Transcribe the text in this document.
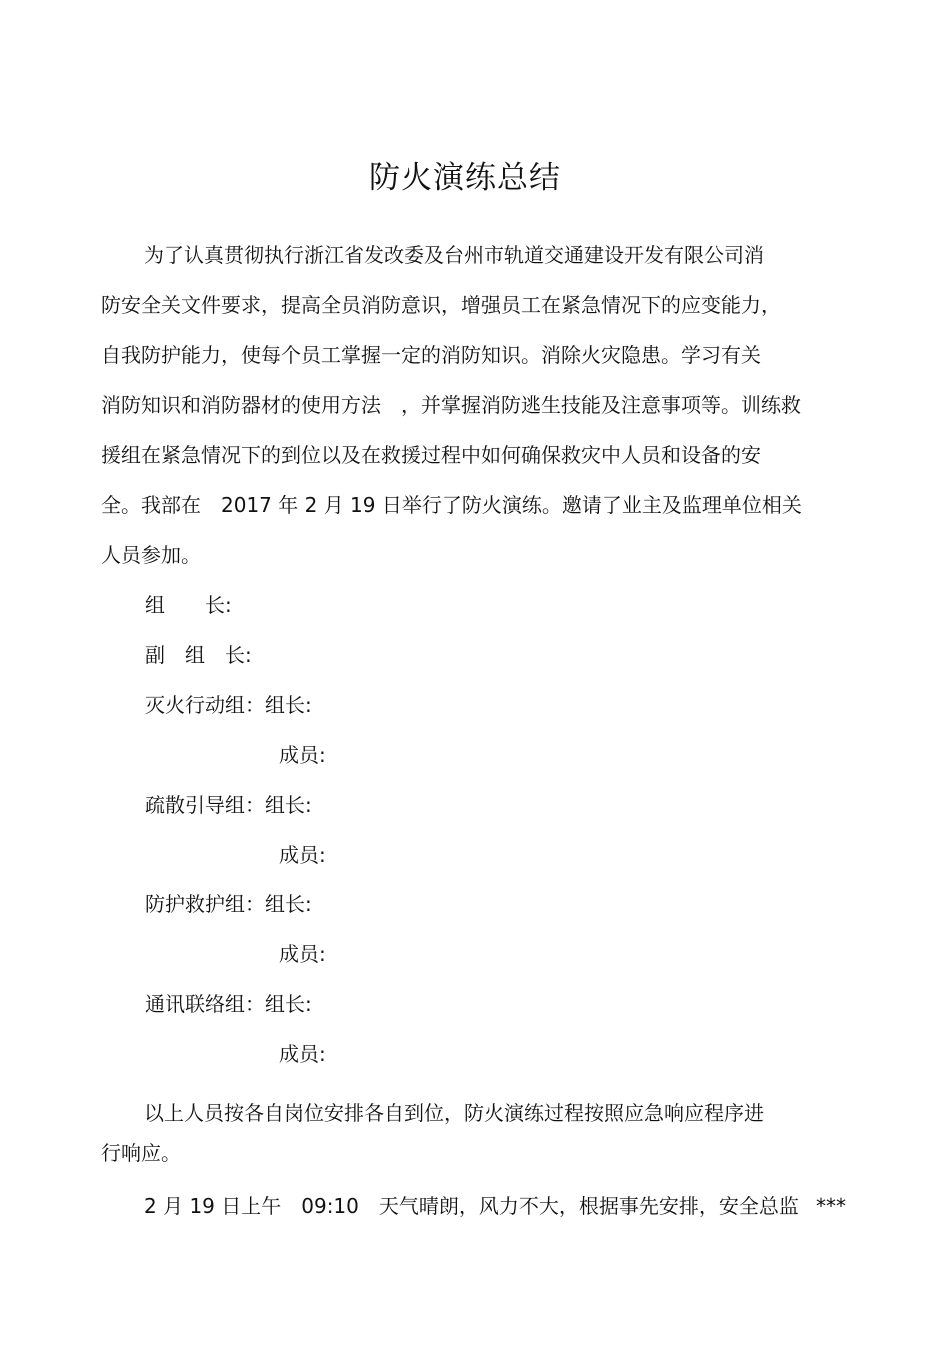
防火演练总结
为了认真贯彻执行浙江省发改委及台州市轨道交通建设开发有限公司消
防安全关文件要求，提高全员消防意识，增强员工在紧急情况下的应变能力，
自我防护能力，使每个员工掌握一定的消防知识。消除火灾隐患。学习有关
消防知识和消防器材的使用方法　，并掌握消防逃生技能及注意事项等。训练救
援组在紧急情况下的到位以及在救援过程中如何确保救灾中人员和设备的安
全。我部在　2017 年 2 月 19 日举行了防火演练。邀请了业主及监理单位相关
人员参加。
组　　长:
副　组　长:
灭火行动组：组长:
成员:
疏散引导组：组长:
成员:
防护救护组：组长:
成员:
通讯联络组：组长:
成员:
以上人员按各自岗位安排各自到位，防火演练过程按照应急响应程序进
行响应。
2 月 19 日上午　09:10　天气晴朗，风力不大，根据事先安排，安全总监 ***
